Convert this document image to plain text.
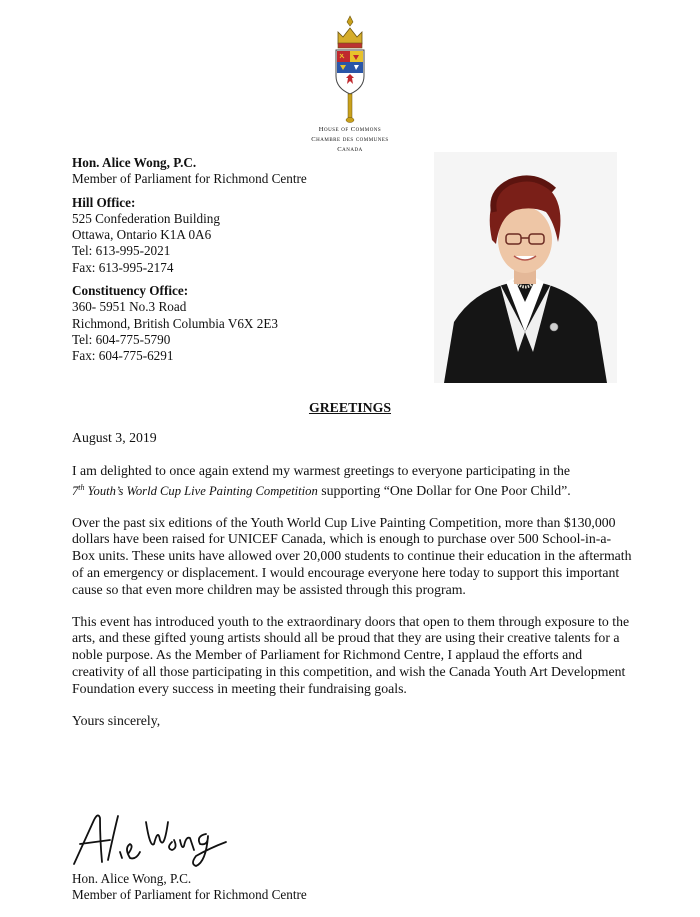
House of Commons
Chambre des communes
Canada
Hon. Alice Wong, P.C.
Member of Parliament for Richmond Centre
Hill Office:
525 Confederation Building
Ottawa, Ontario K1A 0A6
Tel: 613-995-2021
Fax: 613-995-2174
Constituency Office:
360- 5951 No.3 Road
Richmond, British Columbia V6X 2E3
Tel: 604-775-5790
Fax: 604-775-6291
GREETINGS

August 3, 2019

I am delighted to once again extend my warmest greetings to everyone participating in the
7th Youth’s World Cup Live Painting Competition supporting “One Dollar for One Poor Child”.

Over the past six editions of the Youth World Cup Live Painting Competition, more than $130,000 dollars have been raised for UNICEF Canada, which is enough to purchase over 500 School-in-a-Box units. These units have allowed over 20,000 students to continue their education in the aftermath of an emergency or displacement. I would encourage everyone here today to support this important cause so that even more children may be assisted through this program.

This event has introduced youth to the extraordinary doors that open to them through exposure to the arts, and these gifted young artists should all be proud that they are using their creative talents for a noble purpose. As the Member of Parliament for Richmond Centre, I applaud the efforts and creativity of all those participating in this competition, and wish the Canada Youth Art Development Foundation every success in meeting their fundraising goals.

Yours sincerely,

Hon. Alice Wong, P.C.
Member of Parliament for Richmond Centre
